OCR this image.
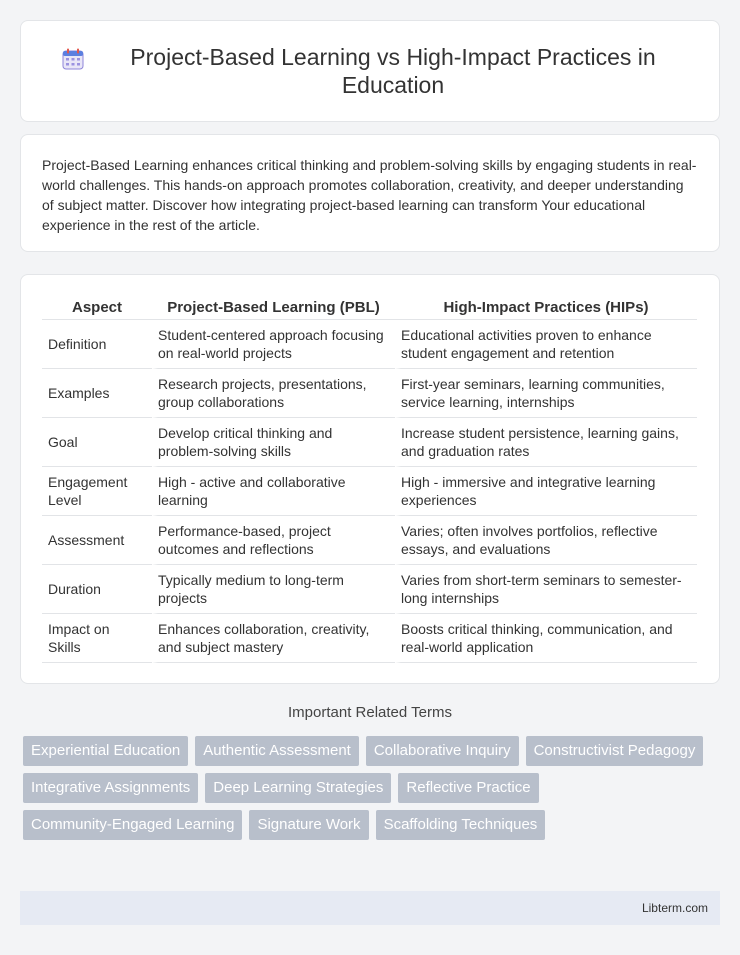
Project-Based Learning vs High-Impact Practices in Education

Project-Based Learning enhances critical thinking and problem-solving skills by engaging students in real-world challenges. This hands-on approach promotes collaboration, creativity, and deeper understanding of subject matter. Discover how integrating project-based learning can transform Your educational experience in the rest of the article.

Aspect	Project-Based Learning (PBL)	High-Impact Practices (HIPs)
Definition	Student-centered approach focusing on real-world projects	Educational activities proven to enhance student engagement and retention
Examples	Research projects, presentations, group collaborations	First-year seminars, learning communities, service learning, internships
Goal	Develop critical thinking and problem-solving skills	Increase student persistence, learning gains, and graduation rates
Engagement Level	High - active and collaborative learning	High - immersive and integrative learning experiences
Assessment	Performance-based, project outcomes and reflections	Varies; often involves portfolios, reflective essays, and evaluations
Duration	Typically medium to long-term projects	Varies from short-term seminars to semester-long internships
Impact on Skills	Enhances collaboration, creativity, and subject mastery	Boosts critical thinking, communication, and real-world application
Important Related Terms
Experiential Education	Authentic Assessment	Collaborative Inquiry	Constructivist Pedagogy
Integrative Assignments	Deep Learning Strategies	Reflective Practice
Community-Engaged Learning	Signature Work	Scaffolding Techniques
Libterm.com
